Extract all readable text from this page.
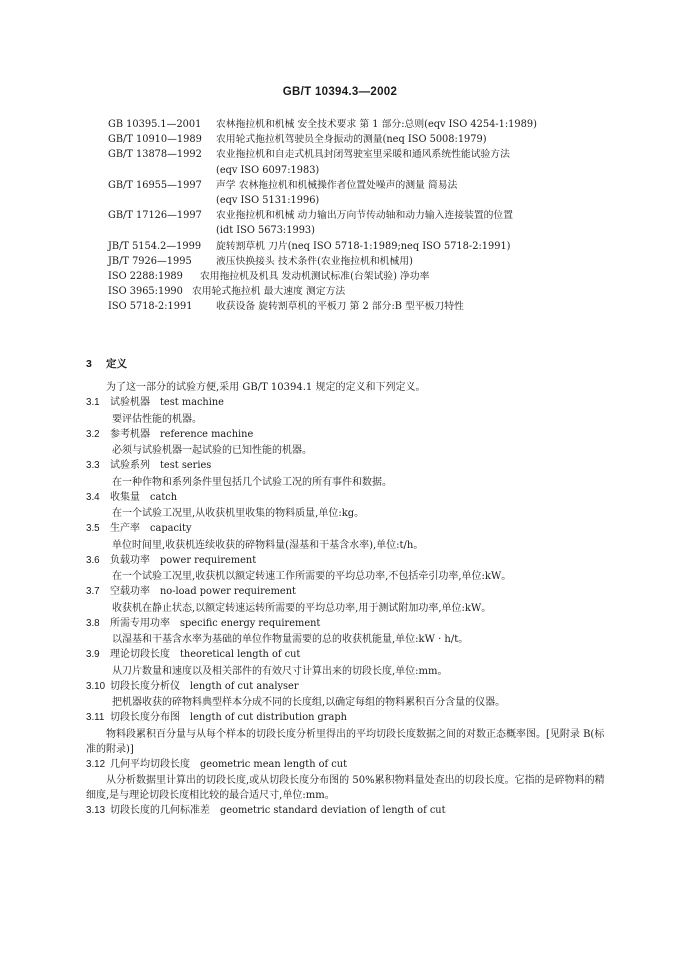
GB/T 10394.3—2002
GB 10395.1—2001 农林拖拉机和机械 安全技术要求 第 1 部分:总则(eqv ISO 4254-1:1989)
GB/T 10910—1989 农用轮式拖拉机驾驶员全身振动的测量(neq ISO 5008:1979)
GB/T 13878—1992 农业拖拉机和自走式机具封闭驾驶室里采暖和通风系统性能试验方法
(eqv ISO 6097:1983)
GB/T 16955—1997 声学 农林拖拉机和机械操作者位置处噪声的测量 简易法
(eqv ISO 5131:1996)
GB/T 17126—1997 农业拖拉机和机械 动力输出万向节传动轴和动力输入连接装置的位置
(idt ISO 5673:1993)
JB/T 5154.2—1999 旋转割草机 刀片(neq ISO 5718-1:1989;neq ISO 5718-2:1991)
JB/T 7926—1995 液压快换接头 技术条件(农业拖拉机和机械用)
ISO 2288:1989 农用拖拉机及机具 发动机测试标准(台架试验) 净功率
ISO 3965:1990 农用轮式拖拉机 最大速度 测定方法
ISO 5718-2:1991 收获设备 旋转割草机的平板刀 第 2 部分:B 型平板刀特性
3 定义
为了这一部分的试验方便,采用 GB/T 10394.1 规定的定义和下列定义。
3.1 试验机器 test machine
要评估性能的机器。
3.2 参考机器 reference machine
必须与试验机器一起试验的已知性能的机器。
3.3 试验系列 test series
在一种作物和系列条件里包括几个试验工况的所有事件和数据。
3.4 收集量 catch
在一个试验工况里,从收获机里收集的物料质量,单位:kg。
3.5 生产率 capacity
单位时间里,收获机连续收获的碎物料量(湿基和干基含水率),单位:t/h。
3.6 负载功率 power requirement
在一个试验工况里,收获机以额定转速工作所需要的平均总功率,不包括牵引功率,单位:kW。
3.7 空载功率 no-load power requirement
收获机在静止状态,以额定转速运转所需要的平均总功率,用于测试附加功率,单位:kW。
3.8 所需专用功率 specific energy requirement
以湿基和干基含水率为基础的单位作物量需要的总的收获机能量,单位:kW · h/t。
3.9 理论切段长度 theoretical length of cut
从刀片数量和速度以及相关部件的有效尺寸计算出来的切段长度,单位:mm。
3.10 切段长度分析仪 length of cut analyser
把机器收获的碎物料典型样本分成不同的长度组,以确定每组的物料累积百分含量的仪器。
3.11 切段长度分布图 length of cut distribution graph
物料段累积百分量与从每个样本的切段长度分析里得出的平均切段长度数据之间的对数正态概率图。[见附录 B(标准的附录)]
3.12 几何平均切段长度 geometric mean length of cut
从分析数据里计算出的切段长度,或从切段长度分布图的 50%累积物料量处查出的切段长度。它指的是碎物料的精细度,是与理论切段长度相比较的最合适尺寸,单位:mm。
3.13 切段长度的几何标准差 geometric standard deviation of length of cut
